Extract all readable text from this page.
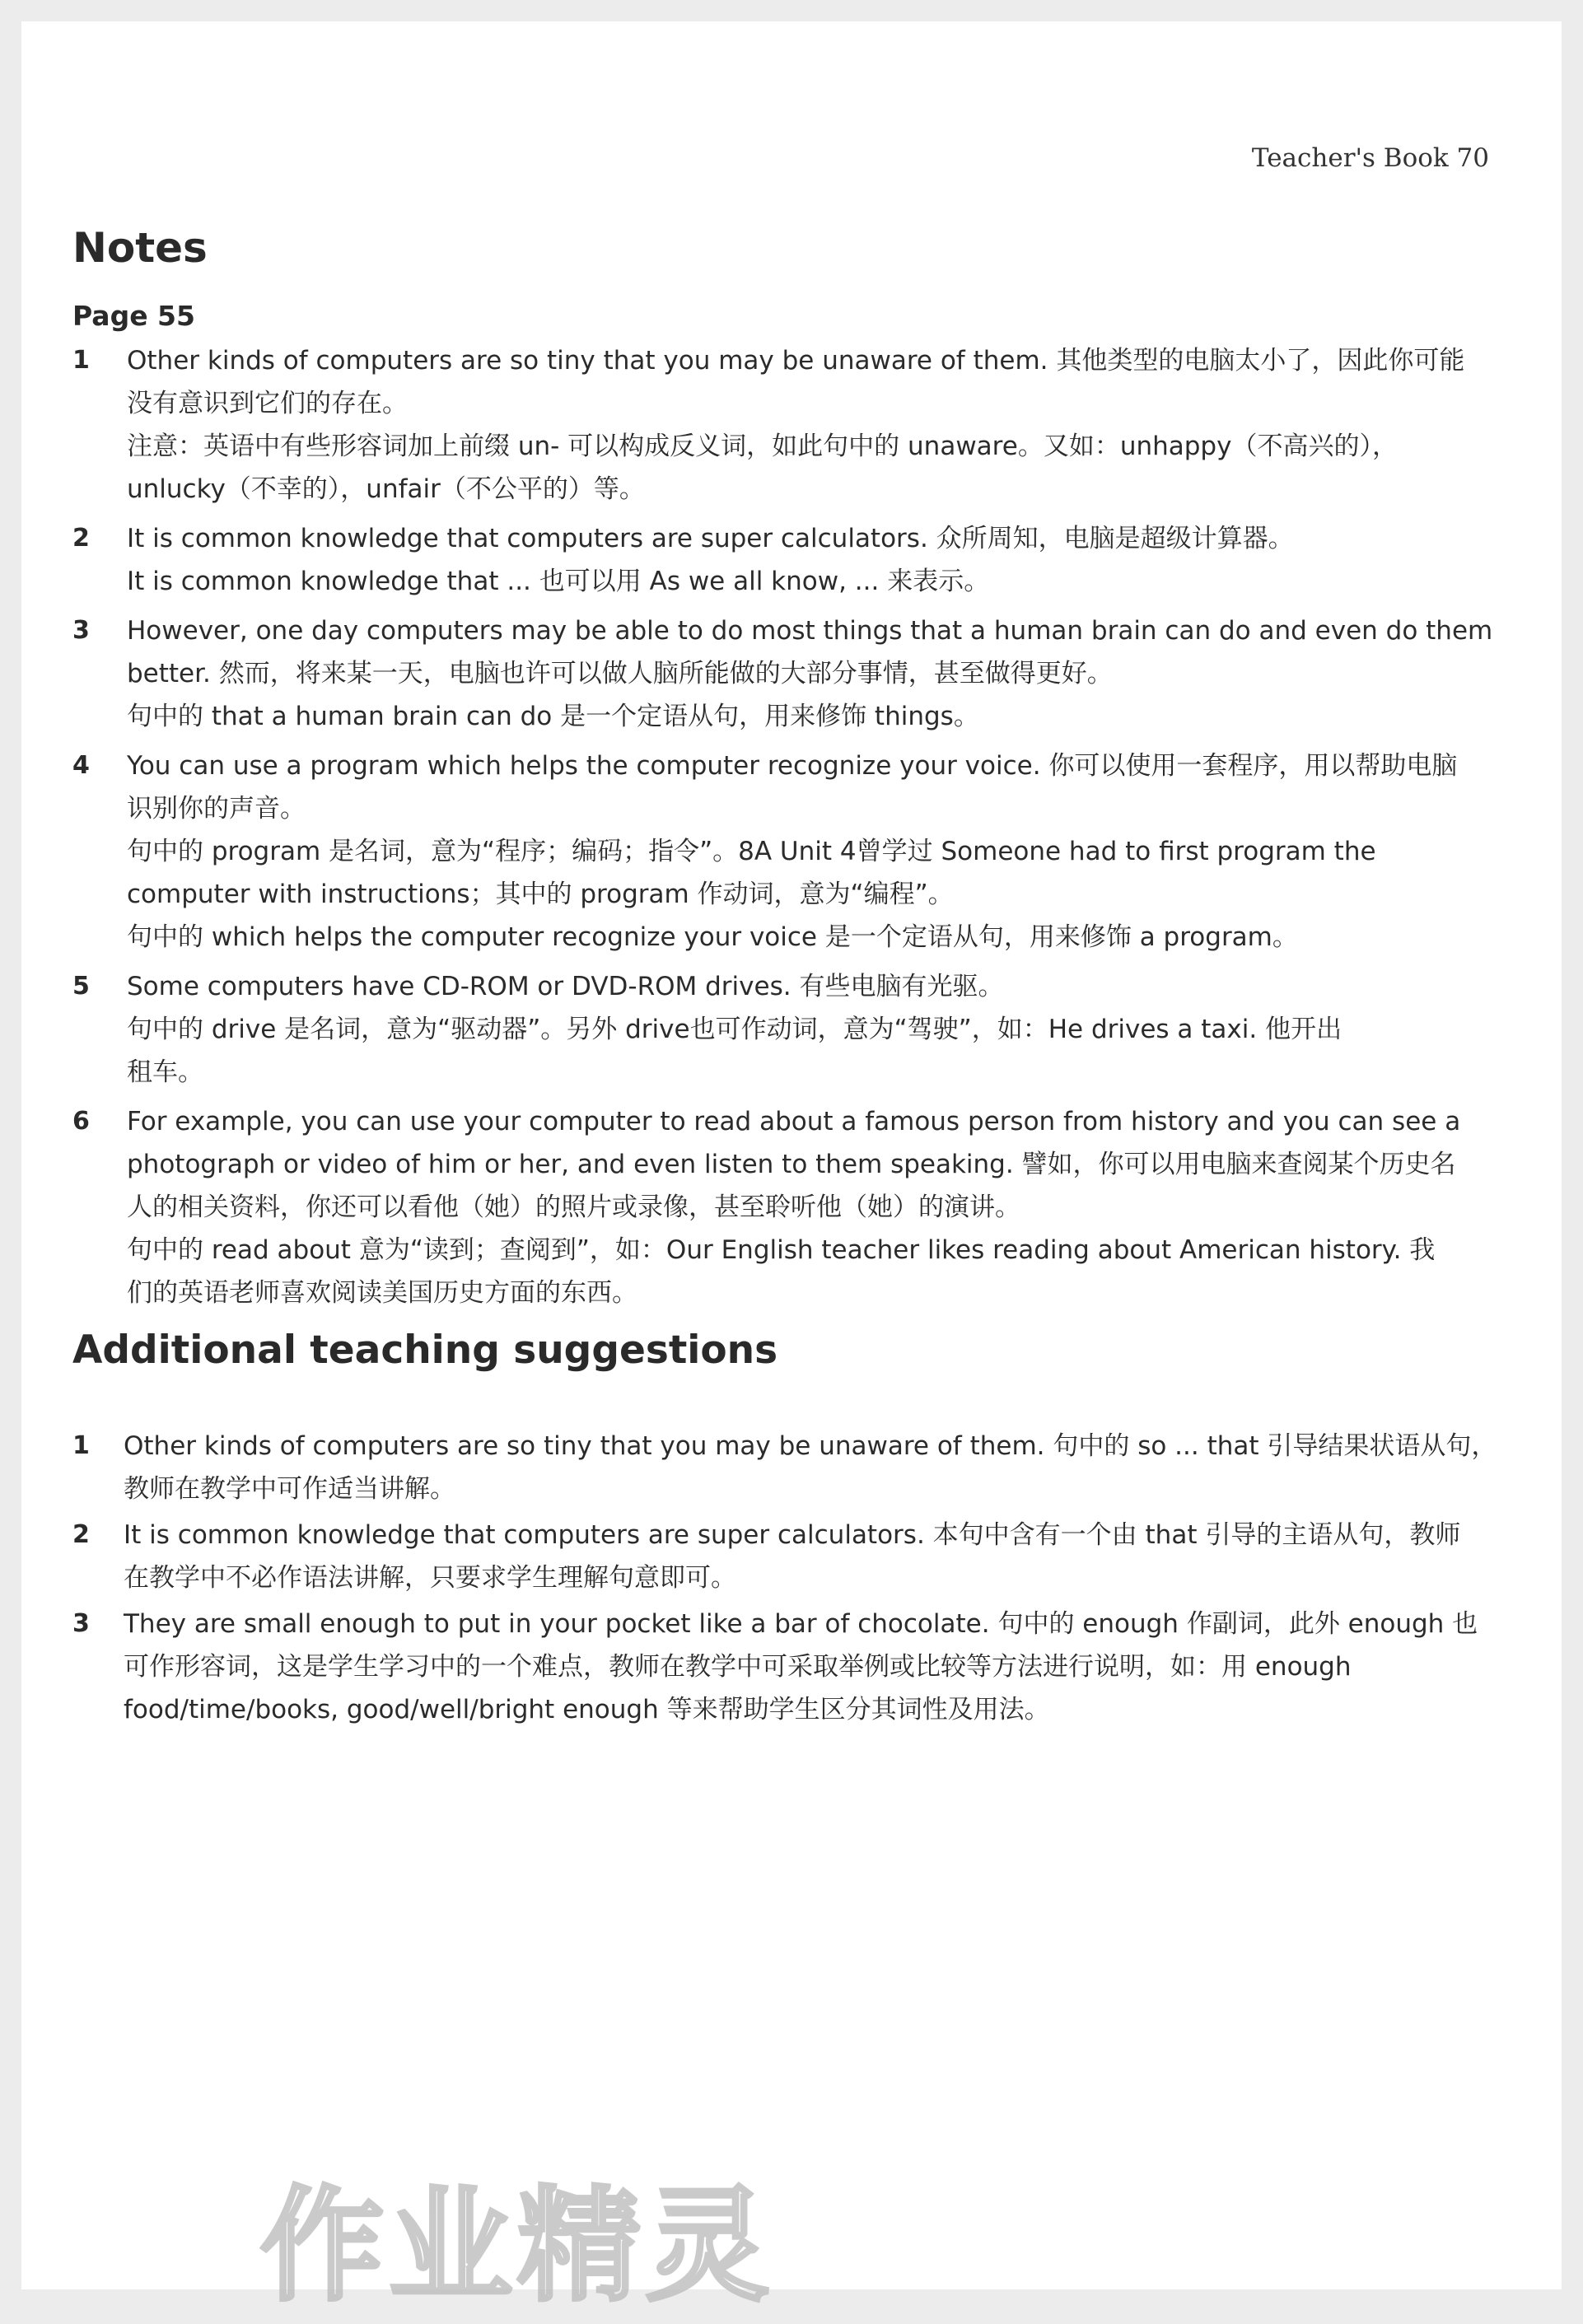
Teacher's Book 70
Notes
Page 55
1 Other kinds of computers are so tiny that you may be unaware of them. 其他类型的电脑太小了，因此你可能

没有意识到它们的存在。

注意：英语中有些形容词加上前缀 un- 可以构成反义词，如此句中的 unaware。又如：unhappy（不高兴的），

unlucky（不幸的），unfair（不公平的）等。

2 It is common knowledge that computers are super calculators. 众所周知，电脑是超级计算器。

It is common knowledge that ... 也可以用 As we all know, ... 来表示。

3 However, one day computers may be able to do most things that a human brain can do and even do them

better. 然而，将来某一天，电脑也许可以做人脑所能做的大部分事情，甚至做得更好。

句中的 that a human brain can do 是一个定语从句，用来修饰 things。

4 You can use a program which helps the computer recognize your voice. 你可以使用一套程序，用以帮助电脑

识别你的声音。

句中的 program 是名词，意为“程序；编码；指令”。8A Unit 4曾学过 Someone had to first program the

computer with instructions；其中的 program 作动词，意为“编程”。

句中的 which helps the computer recognize your voice 是一个定语从句，用来修饰 a program。

5 Some computers have CD-ROM or DVD-ROM drives. 有些电脑有光驱。

句中的 drive 是名词，意为“驱动器”。另外 drive也可作动词，意为“驾驶”，如：He drives a taxi. 他开出

租车。

6 For example, you can use your computer to read about a famous person from history and you can see a

photograph or video of him or her, and even listen to them speaking. 譬如，你可以用电脑来查阅某个历史名

人的相关资料，你还可以看他（她）的照片或录像，甚至聆听他（她）的演讲。

句中的 read about 意为“读到；查阅到”，如：Our English teacher likes reading about American history. 我

们的英语老师喜欢阅读美国历史方面的东西。

Additional teaching suggestions
1 Other kinds of computers are so tiny that you may be unaware of them. 句中的 so ... that 引导结果状语从句，

教师在教学中可作适当讲解。

2 It is common knowledge that computers are super calculators. 本句中含有一个由 that 引导的主语从句，教师

在教学中不必作语法讲解，只要求学生理解句意即可。

3 They are small enough to put in your pocket like a bar of chocolate. 句中的 enough 作副词，此外 enough 也

可作形容词，这是学生学习中的一个难点，教师在教学中可采取举例或比较等方法进行说明，如：用 enough

food/time/books, good/well/bright enough 等来帮助学生区分其词性及用法。

作业精灵
